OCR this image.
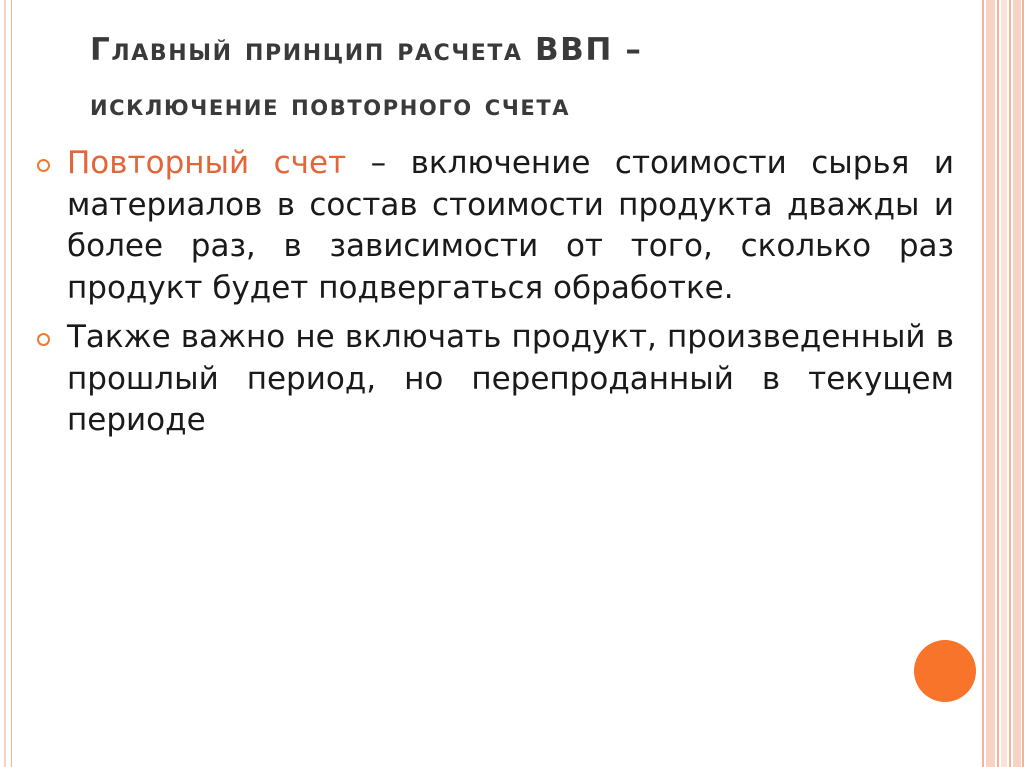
Главный принцип расчета ВВП –
исключение повторного счета
Повторный счет – включение стоимости сырья и материалов в состав стоимости продукта дважды и более раз, в зависимости от того, сколько раз продукт будет подвергаться обработке.
Также важно не включать продукт, произведенный в прошлый период, но перепроданный в текущем периоде
